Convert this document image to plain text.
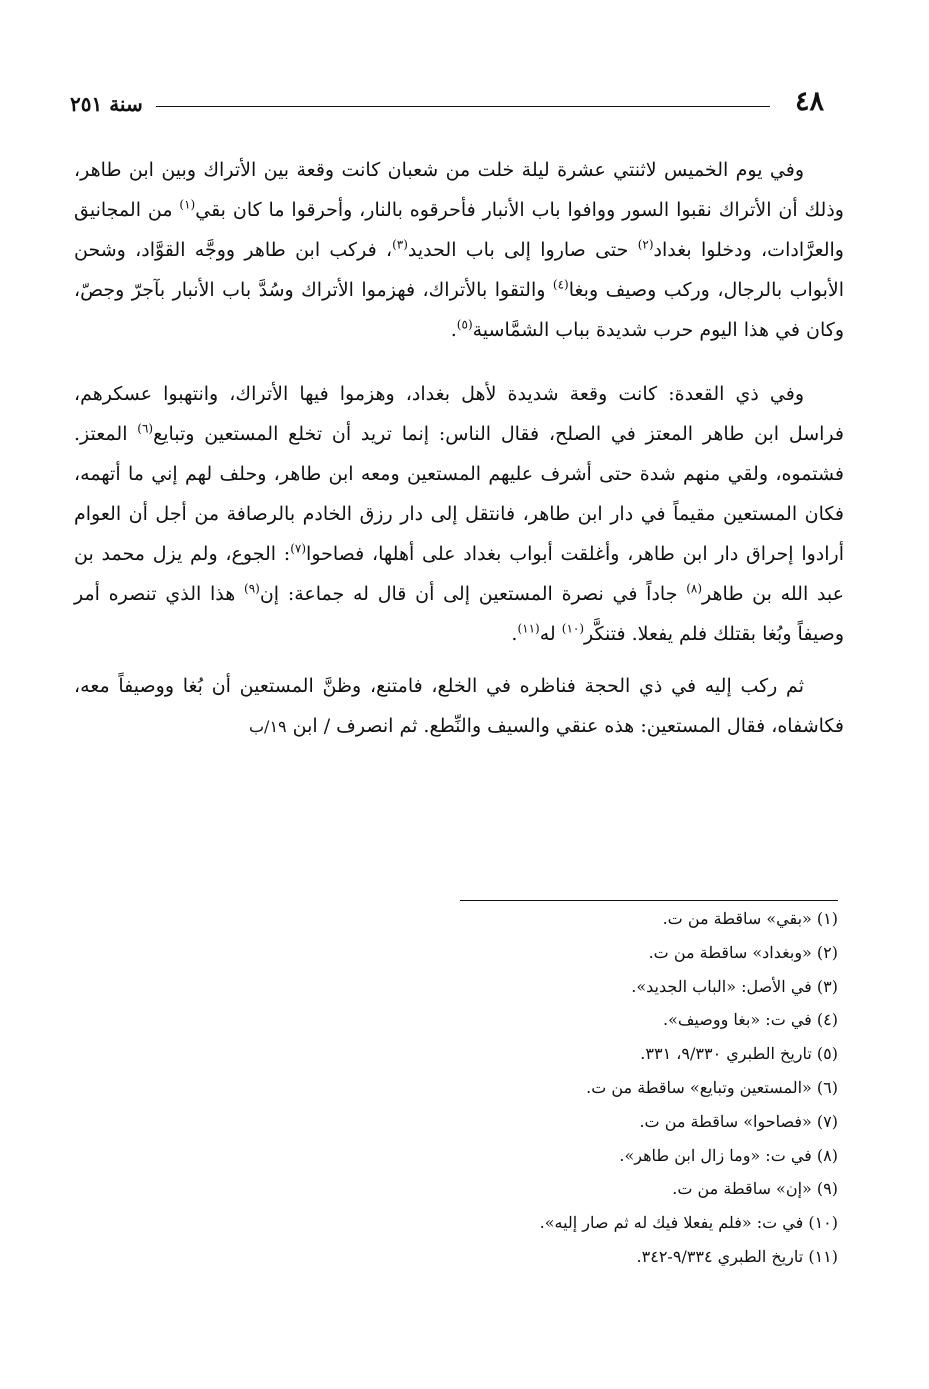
٤٨
سنة ٢٥١

وفي يوم الخميس لاثنتي عشرة ليلة خلت من شعبان كانت وقعة بين الأتراك وبين ابن طاهر، وذلك أن الأتراك نقبوا السور ووافوا باب الأنبار فأحرقوه بالنار، وأحرقوا ما كان بقي$^{(١)}$ من المجانيق والعرَّادات، ودخلوا بغداد$^{(٢)}$ حتى صاروا إلى باب الحديد$^{(٣)}$، فركب ابن طاهر ووجَّه القوَّاد، وشحن الأبواب بالرجال، وركب وصيف وبغا$^{(٤)}$ والتقوا بالأتراك، فهزموا الأتراك وسُدَّ باب الأنبار بآجرّ وجصّ، وكان في هذا اليوم حرب شديدة بباب الشمَّاسية$^{(٥)}$.

وفي ذي القعدة: كانت وقعة شديدة لأهل بغداد، وهزموا فيها الأتراك، وانتهبوا عسكرهم، فراسل ابن طاهر المعتز في الصلح، فقال الناس: إنما تريد أن تخلع المستعين وتبايع$^{(٦)}$ المعتز. فشتموه، ولقي منهم شدة حتى أشرف عليهم المستعين ومعه ابن طاهر، وحلف لهم إني ما أتهمه، فكان المستعين مقيماً في دار ابن طاهر، فانتقل إلى دار رزق الخادم بالرصافة من أجل أن العوام أرادوا إحراق دار ابن طاهر، وأغلقت أبواب بغداد على أهلها، فصاحوا$^{(٧)}$: الجوع، ولم يزل محمد بن عبد الله بن طاهر$^{(٨)}$ جاداً في نصرة المستعين إلى أن قال له جماعة: إن$^{(٩)}$ هذا الذي تنصره أمر وصيفاً وبُغا بقتلك فلم يفعلا. فتنكَّر$^{(١٠)}$ له$^{(١١)}$.

ثم ركب إليه في ذي الحجة فناظره في الخلع، فامتنع، وظنَّ المستعين أن بُغا ووصيفاً معه، فكاشفاه، فقال المستعين: هذه عنقي والسيف والنِّطع. ثم انصرف / ابن ١٩/ب

(١) «بقي» ساقطة من ت.
(٢) «وبغداد» ساقطة من ت.
(٣) في الأصل: «الباب الجديد».
(٤) في ت: «بغا ووصيف».
(٥) تاريخ الطبري ٩/٣٣٠، ٣٣١.
(٦) «المستعين وتبايع» ساقطة من ت.
(٧) «فصاحوا» ساقطة من ت.
(٨) في ت: «وما زال ابن طاهر».
(٩) «إن» ساقطة من ت.
(١٠) في ت: «فلم يفعلا فيك له ثم صار إليه».
(١١) تاريخ الطبري ٩/٣٣٤-٣٤٢.
